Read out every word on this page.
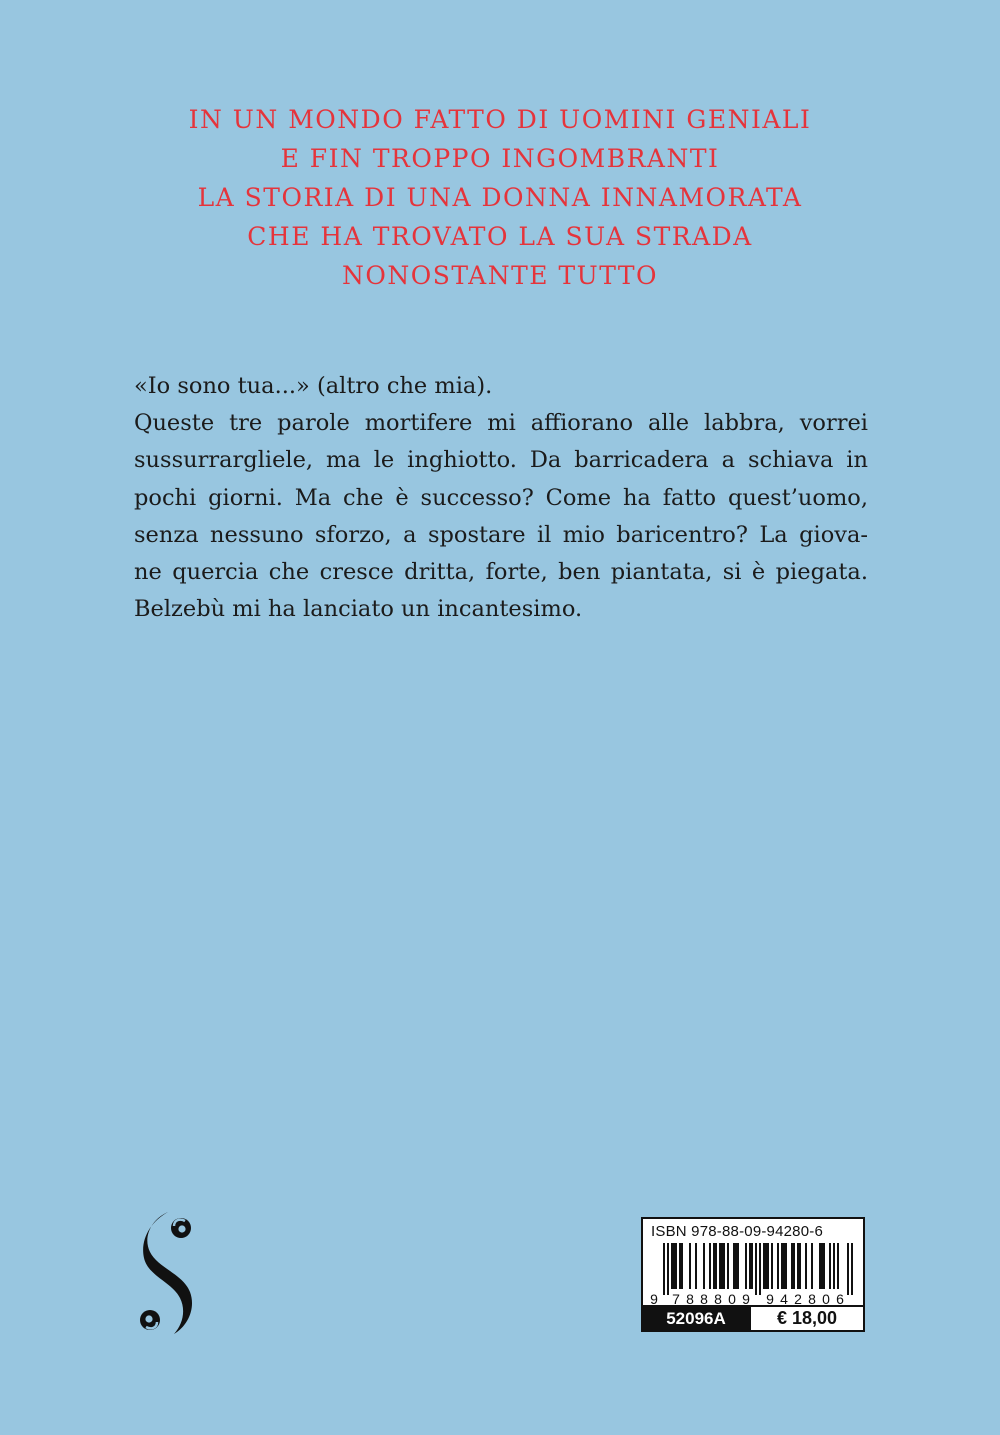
IN UN MONDO FATTO DI UOMINI GENIALI
E FIN TROPPO INGOMBRANTI
LA STORIA DI UNA DONNA INNAMORATA
CHE HA TROVATO LA SUA STRADA
NONOSTANTE TUTTO
«Io sono tua...» (altro che mia).
Queste tre parole mortifere mi affiorano alle labbra, vorrei
sussurrargliele, ma le inghiotto. Da barricadera a schiava in
pochi giorni. Ma che è successo? Come ha fatto quest’uomo,
senza nessuno sforzo, a spostare il mio baricentro? La giova-
ne quercia che cresce dritta, forte, ben piantata, si è piegata.
Belzebù mi ha lanciato un incantesimo.
ISBN 978-88-09-94280-6
9 7 8 8 8 0 9 9 4 2 8 0 6
52096A	€ 18,00
